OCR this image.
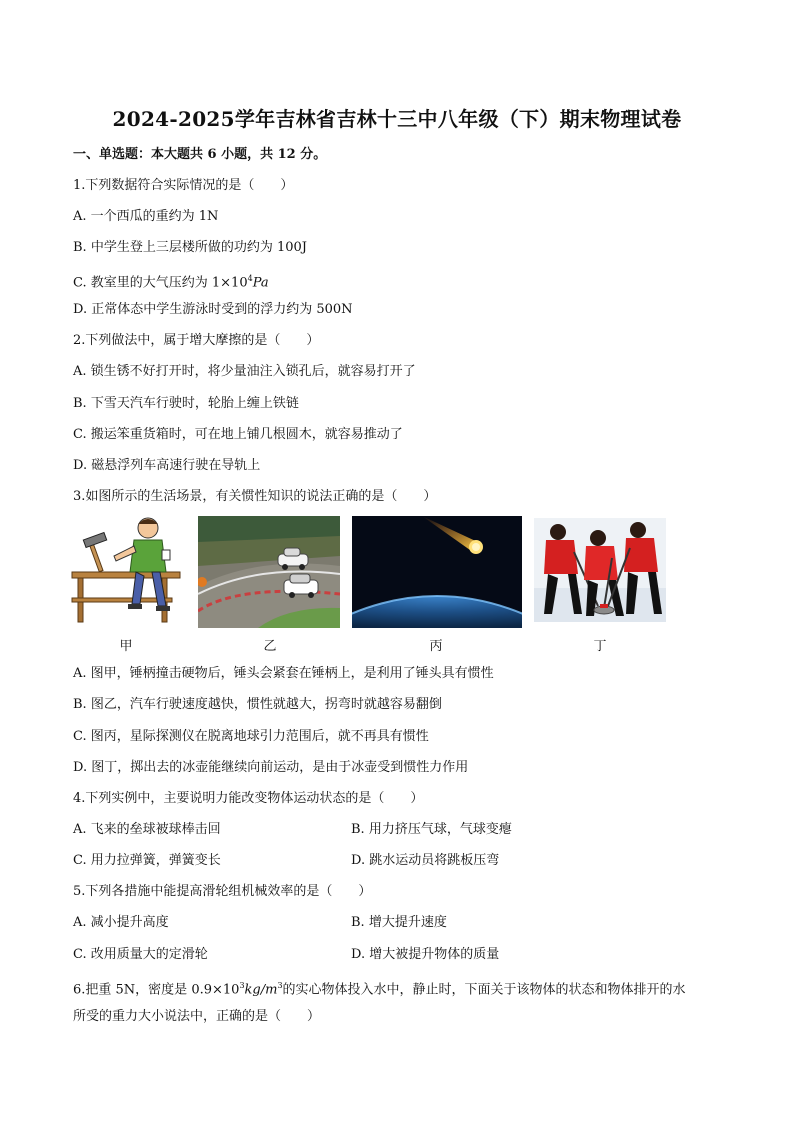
2024-2025学年吉林省吉林十三中八年级（下）期末物理试卷
一、单选题：本大题共 6 小题，共 12 分。
1.下列数据符合实际情况的是（　　）
A. 一个西瓜的重约为 1N
B. 中学生登上三层楼所做的功约为 100J
C. 教室里的大气压约为 $1\times 10^4Pa$
D. 正常体态中学生游泳时受到的浮力约为 500N
2.下列做法中，属于增大摩擦的是（　　）
A. 锁生锈不好打开时，将少量油注入锁孔后，就容易打开了
B. 下雪天汽车行驶时，轮胎上缠上铁链
C. 搬运笨重货箱时，可在地上铺几根圆木，就容易推动了
D. 磁悬浮列车高速行驶在导轨上
3.如图所示的生活场景，有关惯性知识的说法正确的是（　　）
甲	乙	丙	丁
A. 图甲，锤柄撞击硬物后，锤头会紧套在锤柄上，是利用了锤头具有惯性
B. 图乙，汽车行驶速度越快，惯性就越大，拐弯时就越容易翻倒
C. 图丙，星际探测仪在脱离地球引力范围后，就不再具有惯性
D. 图丁，掷出去的冰壶能继续向前运动，是由于冰壶受到惯性力作用
4.下列实例中，主要说明力能改变物体运动状态的是（　　）
A. 飞来的垒球被球棒击回	B. 用力挤压气球，气球变瘪
C. 用力拉弹簧，弹簧变长	D. 跳水运动员将跳板压弯
5.下列各措施中能提高滑轮组机械效率的是（　　）
A. 减小提升高度	B. 增大提升速度
C. 改用质量大的定滑轮	D. 增大被提升物体的质量
6.把重 5N，密度是 $0.9\times 10^3kg/m^3$的实心物体投入水中，静止时，下面关于该物体的状态和物体排开的水
所受的重力大小说法中，正确的是（　　）
